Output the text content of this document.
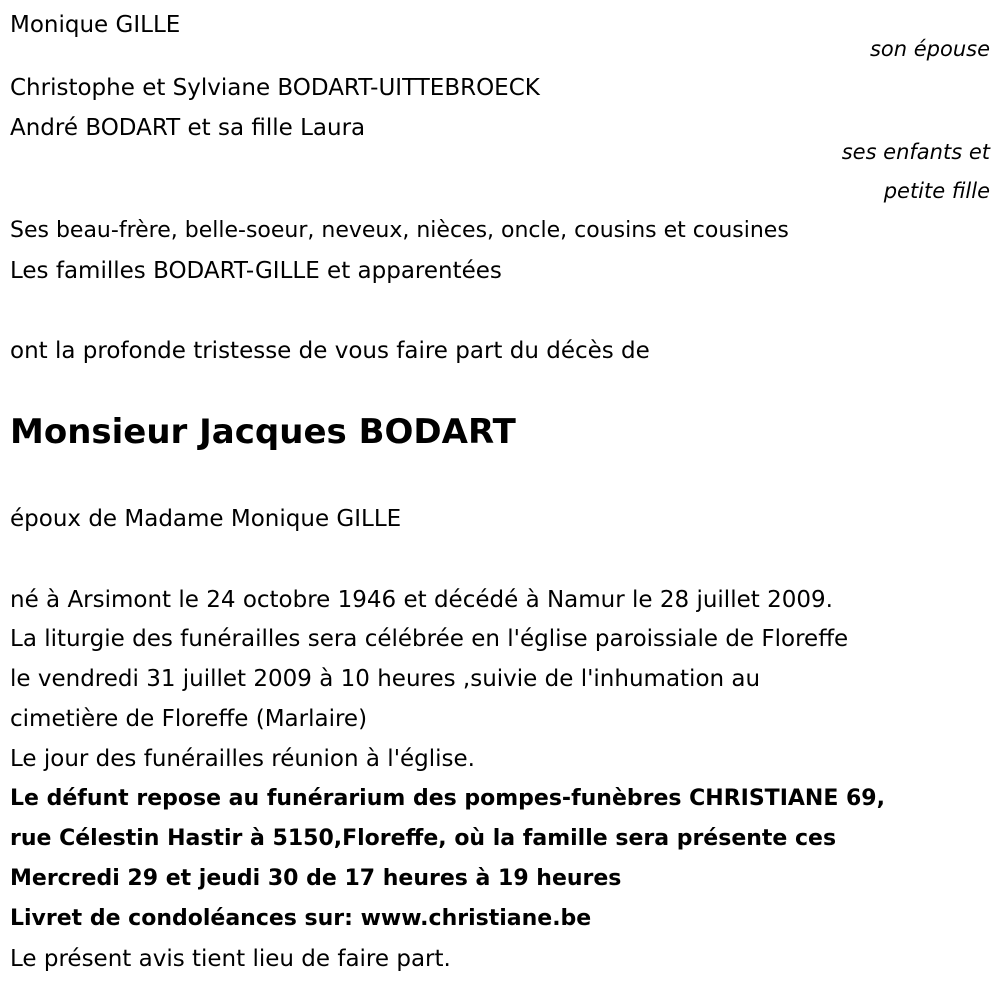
Monique GILLE

son épouse

Christophe et Sylviane BODART-UITTEBROECK

André BODART et sa fille Laura

ses enfants et

petite fille

Ses beau-frère, belle-soeur, neveux, nièces, oncle, cousins et cousines

Les familles BODART-GILLE et apparentées

ont la profonde tristesse de vous faire part du décès de

Monsieur Jacques BODART

époux de Madame Monique GILLE

né à Arsimont le 24 octobre 1946 et décédé à Namur le 28 juillet 2009.

La liturgie des funérailles sera célébrée en l'église paroissiale de Floreffe

le vendredi 31 juillet 2009 à 10 heures ,suivie de l'inhumation au

cimetière de Floreffe (Marlaire)

Le jour des funérailles réunion à l'église.

Le défunt repose au funérarium des pompes-funèbres CHRISTIANE 69,

rue Célestin Hastir à 5150,Floreffe, où la famille sera présente ces

Mercredi 29 et jeudi 30 de 17 heures à 19 heures

Livret de condoléances sur: www.christiane.be

Le présent avis tient lieu de faire part.
